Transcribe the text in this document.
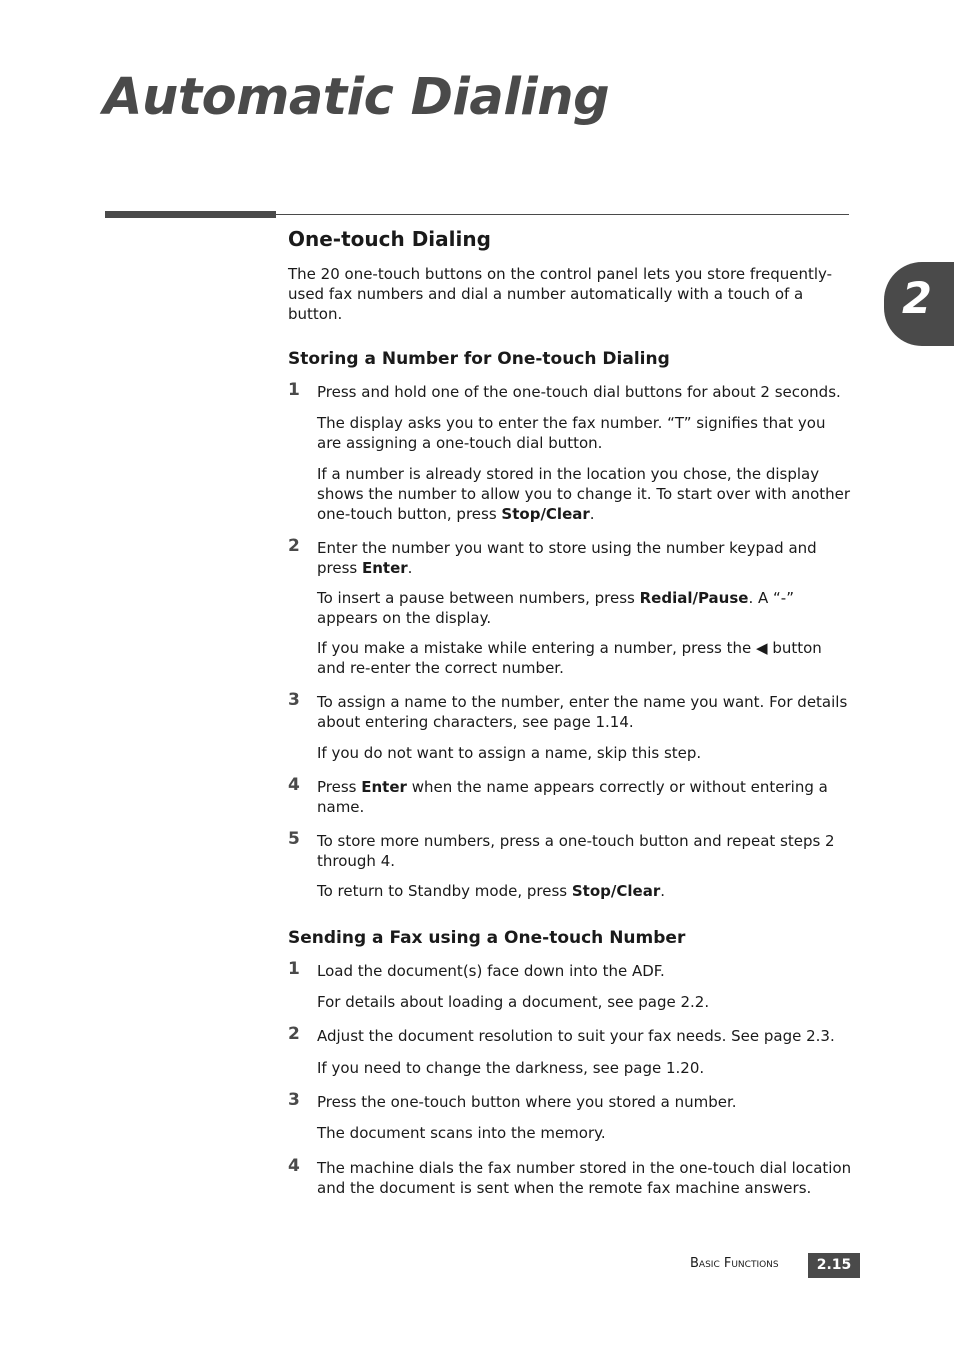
Automatic Dialing
2
One-touch Dialing

The 20 one-touch buttons on the control panel lets you store frequently-used fax numbers and dial a number automatically with a touch of a button.

Storing a Number for One-touch Dialing
1 Press and hold one of the one-touch dial buttons for about 2 seconds.

The display asks you to enter the fax number. “T” signifies that you are assigning a one-touch dial button.

If a number is already stored in the location you chose, the display shows the number to allow you to change it. To start over with another one-touch button, press Stop/Clear.

2 Enter the number you want to store using the number keypad and press Enter.

To insert a pause between numbers, press Redial/Pause. A “-” appears on the display.

If you make a mistake while entering a number, press the ◀ button and re-enter the correct number.

3 To assign a name to the number, enter the name you want. For details about entering characters, see page 1.14.

If you do not want to assign a name, skip this step.

4 Press Enter when the name appears correctly or without entering a name.
5 To store more numbers, press a one-touch button and repeat steps 2 through 4.

To return to Standby mode, press Stop/Clear.

Sending a Fax using a One-touch Number
1 Load the document(s) face down into the ADF.

For details about loading a document, see page 2.2.

2 Adjust the document resolution to suit your fax needs. See page 2.3.

If you need to change the darkness, see page 1.20.

3 Press the one-touch button where you stored a number.

The document scans into the memory.

4 The machine dials the fax number stored in the one-touch dial location and the document is sent when the remote fax machine answers.
Basic Functions	2.15
